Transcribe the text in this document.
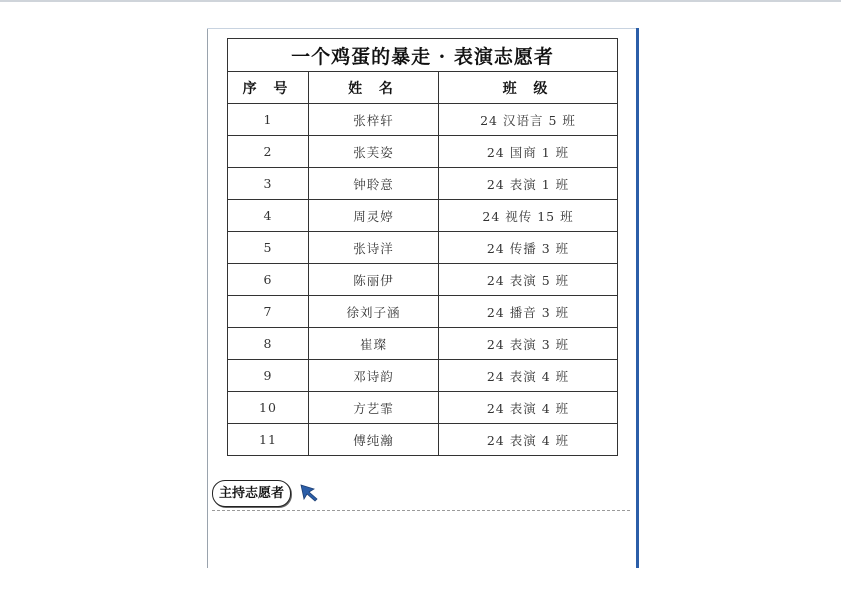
一个鸡蛋的暴走 · 表演志愿者		
序 号	姓 名	班 级
1	张梓轩	24 汉语言 5 班
2	张芙姿	24 国商 1 班
3	钟聆意	24 表演 1 班
4	周灵婷	24 视传 15 班
5	张诗洋	24 传播 3 班
6	陈丽伊	24 表演 5 班
7	徐刘子涵	24 播音 3 班
8	崔璨	24 表演 3 班
9	邓诗韵	24 表演 4 班
10	方艺霏	24 表演 4 班
11	傅纯瀚	24 表演 4 班
主持志愿者
